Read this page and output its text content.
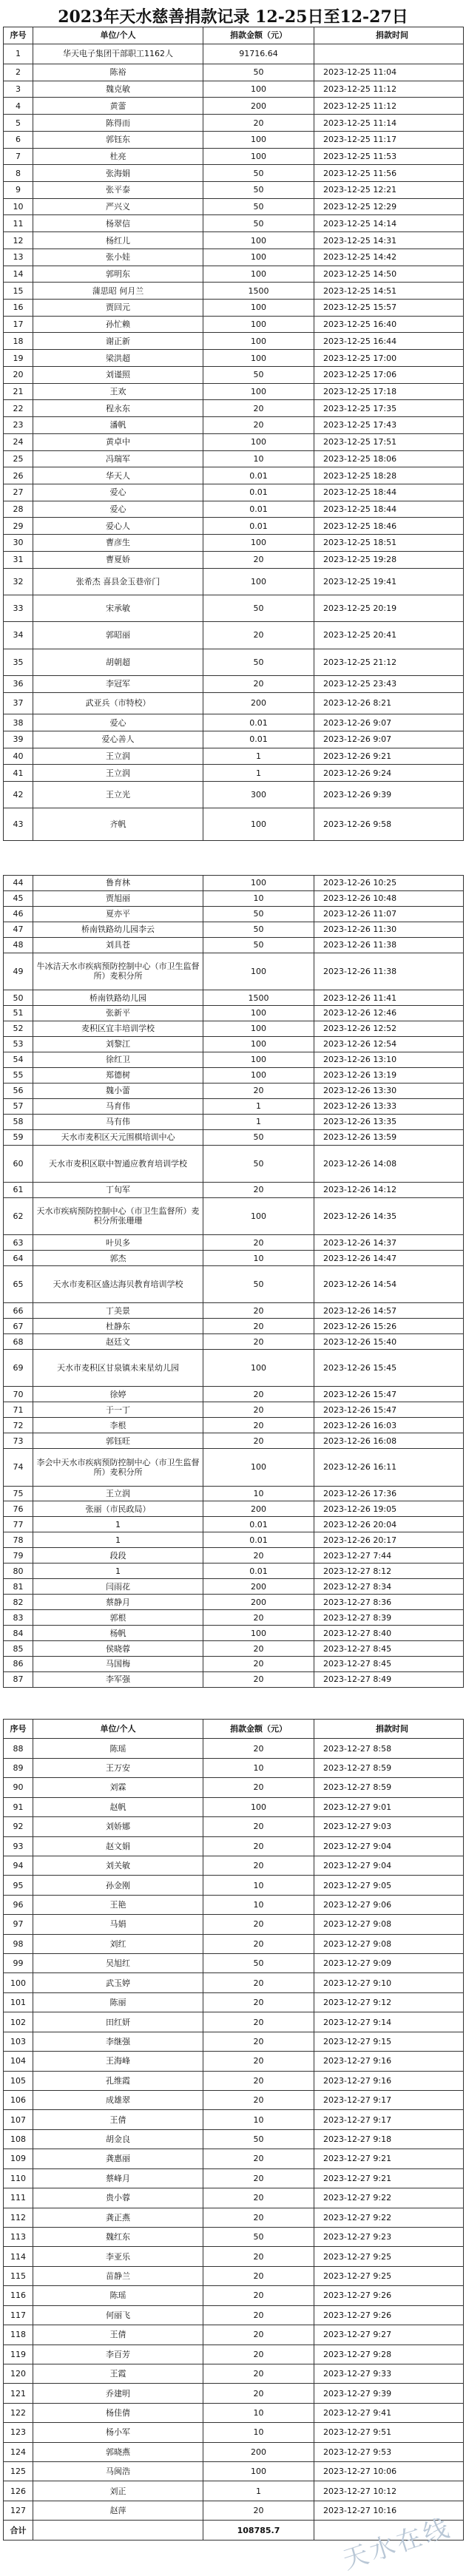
2023年天水慈善捐款记录 12-25日至12-27日
序号	单位/个人	捐款金额（元）	捐款时间
1	华天电子集团干部职工1162人	91716.64	
2	陈裕	50	2023-12-25 11:04
3	魏克敏	100	2023-12-25 11:12
4	黄蕾	200	2023-12-25 11:12
5	陈得而	20	2023-12-25 11:14
6	郭钰东	100	2023-12-25 11:17
7	杜亮	100	2023-12-25 11:53
8	张海娟	50	2023-12-25 11:56
9	张平泰	50	2023-12-25 12:21
10	严兴义	50	2023-12-25 12:29
11	杨翠信	50	2023-12-25 14:14
12	杨红儿	100	2023-12-25 14:31
13	张小娃	100	2023-12-25 14:42
14	郭明东	100	2023-12-25 14:50
15	蒲思昭 何月兰	1500	2023-12-25 14:51
16	贾回元	100	2023-12-25 15:57
17	孙忙赖	100	2023-12-25 16:40
18	谢正新	100	2023-12-25 16:44
19	梁洪超	100	2023-12-25 17:00
20	刘谨照	50	2023-12-25 17:06
21	王欢	100	2023-12-25 17:18
22	程永东	20	2023-12-25 17:35
23	潘帆	20	2023-12-25 17:43
24	黄卓中	100	2023-12-25 17:51
25	冯瑞军	10	2023-12-25 18:06
26	华天人	0.01	2023-12-25 18:28
27	爱心	0.01	2023-12-25 18:44
28	爱心	0.01	2023-12-25 18:44
29	爱心人	0.01	2023-12-25 18:46
30	曹彦生	100	2023-12-25 18:51
31	曹夏娇	20	2023-12-25 19:28
32	张希杰 喜县金玉巷帝门	100	2023-12-25 19:41
33	宋承敏	50	2023-12-25 20:19
34	郭昭丽	20	2023-12-25 20:41
35	胡朝超	50	2023-12-25 21:12
36	李冠军	20	2023-12-25 23:43
37	武亚兵（市特校）	200	2023-12-26 8:21
38	爱心	0.01	2023-12-26 9:07
39	爱心善人	0.01	2023-12-26 9:07
40	王立润	1	2023-12-26 9:21
41	王立润	1	2023-12-26 9:24
42	王立光	300	2023-12-26 9:39
43	齐帆	100	2023-12-26 9:58
44	鲁育林	100	2023-12-26 10:25
45	贾旭丽	10	2023-12-26 10:48
46	夏亦平	50	2023-12-26 11:07
47	桥南铁路幼儿园李云	50	2023-12-26 11:30
48	刘具苍	50	2023-12-26 11:38
49	牛冰洁天水市疾病预防控制中心（市卫生监督所）麦积分所	100	2023-12-26 11:38
50	桥南铁路幼儿园	1500	2023-12-26 11:41
51	张新平	100	2023-12-26 12:46
52	麦积区宜丰培训学校	100	2023-12-26 12:52
53	刘黎江	100	2023-12-26 12:54
54	徐红卫	100	2023-12-26 13:10
55	郑德树	100	2023-12-26 13:19
56	魏小蕾	20	2023-12-26 13:30
57	马育伟	1	2023-12-26 13:33
58	马有伟	1	2023-12-26 13:35
59	天水市麦积区天元围棋培训中心	50	2023-12-26 13:59
60	天水市麦积区联中智通应教育培训学校	50	2023-12-26 14:08
61	丁旬军	20	2023-12-26 14:12
62	天水市疾病预防控制中心（市卫生监督所）麦积分所张珊珊	100	2023-12-26 14:35
63	叶贝多	20	2023-12-26 14:37
64	郭杰	10	2023-12-26 14:47
65	天水市麦积区盛达海贝教育培训学校	50	2023-12-26 14:54
66	丁美景	20	2023-12-26 14:57
67	杜静东	20	2023-12-26 15:26
68	赵廷文	20	2023-12-26 15:40
69	天水市麦积区甘泉镇未来星幼儿园	100	2023-12-26 15:45
70	徐婷	20	2023-12-26 15:47
71	于一丁	20	2023-12-26 15:47
72	李根	20	2023-12-26 16:03
73	郭钰旺	20	2023-12-26 16:08
74	李会中天水市疾病预防控制中心（市卫生监督所）麦积分所	100	2023-12-26 16:11
75	王立润	10	2023-12-26 17:36
76	张丽（市民政局）	200	2023-12-26 19:05
77	1	0.01	2023-12-26 20:04
78	1	0.01	2023-12-26 20:17
79	段段	20	2023-12-27 7:44
80	1	0.01	2023-12-27 8:12
81	闫雨花	200	2023-12-27 8:34
82	蔡静月	200	2023-12-27 8:36
83	郭根	20	2023-12-27 8:39
84	杨帆	100	2023-12-27 8:40
85	侯晓蓉	20	2023-12-27 8:45
86	马国梅	20	2023-12-27 8:45
87	李军强	20	2023-12-27 8:49
序号	单位/个人	捐款金额（元）	捐款时间
88	陈瑶	20	2023-12-27 8:58
89	王万安	10	2023-12-27 8:59
90	刘霖	20	2023-12-27 8:59
91	赵帆	100	2023-12-27 9:01
92	刘娇娜	20	2023-12-27 9:03
93	赵文娟	20	2023-12-27 9:04
94	刘关敏	20	2023-12-27 9:04
95	孙金刚	10	2023-12-27 9:05
96	王艳	10	2023-12-27 9:06
97	马娟	20	2023-12-27 9:08
98	刘红	20	2023-12-27 9:08
99	吴旭红	50	2023-12-27 9:09
100	武玉婷	20	2023-12-27 9:10
101	陈丽	20	2023-12-27 9:12
102	田红妍	20	2023-12-27 9:14
103	李继强	20	2023-12-27 9:15
104	王海峰	20	2023-12-27 9:16
105	孔维霞	20	2023-12-27 9:16
106	成雄翠	20	2023-12-27 9:17
107	王倩	10	2023-12-27 9:17
108	胡金良	50	2023-12-27 9:18
109	龚惠丽	20	2023-12-27 9:21
110	蔡峰月	20	2023-12-27 9:21
111	贵小蓉	20	2023-12-27 9:22
112	龚正燕	20	2023-12-27 9:22
113	魏红东	50	2023-12-27 9:23
114	李亚乐	20	2023-12-27 9:25
115	苗静兰	20	2023-12-27 9:25
116	陈瑶	20	2023-12-27 9:26
117	何丽飞	20	2023-12-27 9:26
118	王倩	20	2023-12-27 9:27
119	李百芳	20	2023-12-27 9:28
120	王霞	20	2023-12-27 9:33
121	乔建明	20	2023-12-27 9:39
122	杨佳倩	10	2023-12-27 9:41
123	杨小军	10	2023-12-27 9:51
124	郭晓燕	200	2023-12-27 9:53
125	马闽浩	100	2023-12-27 10:06
126	刘正	1	2023-12-27 10:12
127	赵萍	20	2023-12-27 10:16
合计		108785.7	天水在线
